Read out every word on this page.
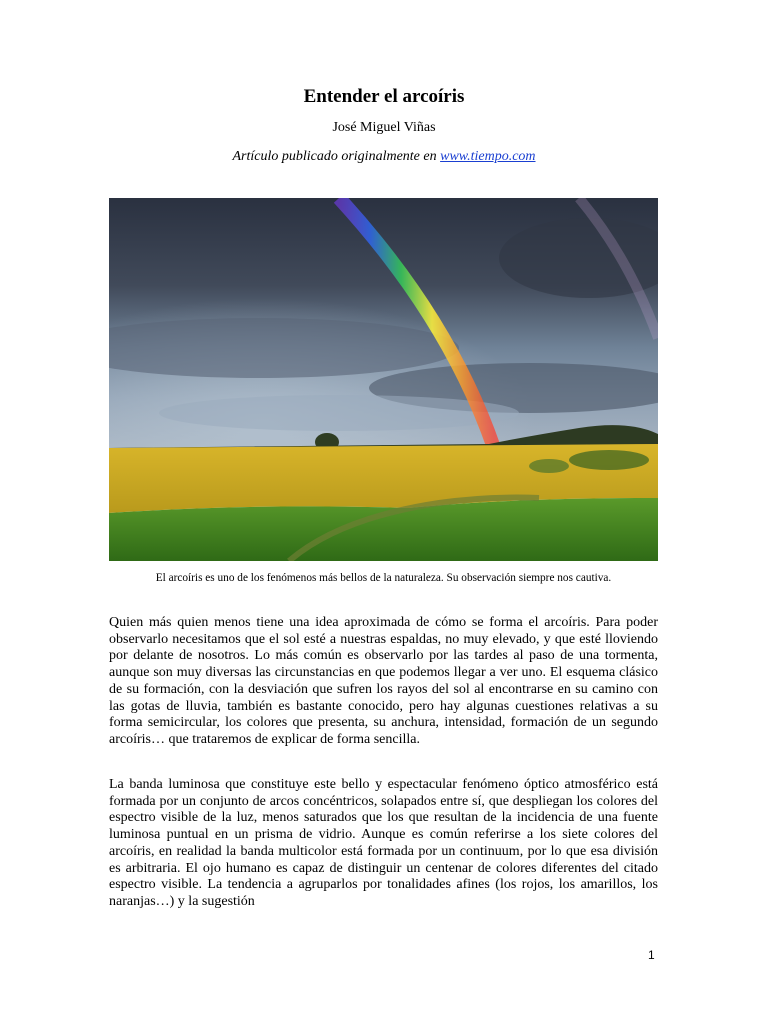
Entender el arcoíris
José Miguel Viñas
Artículo publicado originalmente en www.tiempo.com
El arcoíris es uno de los fenómenos más bellos de la naturaleza. Su observación siempre nos cautiva.

Quien más quien menos tiene una idea aproximada de cómo se forma el arcoíris. Para poder observarlo necesitamos que el sol esté a nuestras espaldas, no muy elevado, y que esté lloviendo por delante de nosotros. Lo más común es observarlo por las tardes al paso de una tormenta, aunque son muy diversas las circunstancias en que podemos llegar a ver uno. El esquema clásico de su formación, con la desviación que sufren los rayos del sol al encontrarse en su camino con las gotas de lluvia, también es bastante conocido, pero hay algunas cuestiones relativas a su forma semicircular, los colores que presenta, su anchura, intensidad, formación de un segundo arcoíris… que trataremos de explicar de forma sencilla.

La banda luminosa que constituye este bello y espectacular fenómeno óptico atmosférico está formada por un conjunto de arcos concéntricos, solapados entre sí, que despliegan los colores del espectro visible de la luz, menos saturados que los que resultan de la incidencia de una fuente luminosa puntual en un prisma de vidrio. Aunque es común referirse a los siete colores del arcoíris, en realidad la banda multicolor está formada por un continuum, por lo que esa división es arbitraria. El ojo humano es capaz de distinguir un centenar de colores diferentes del citado espectro visible. La tendencia a agruparlos por tonalidades afines (los rojos, los amarillos, los naranjas…) y la sugestión

1
